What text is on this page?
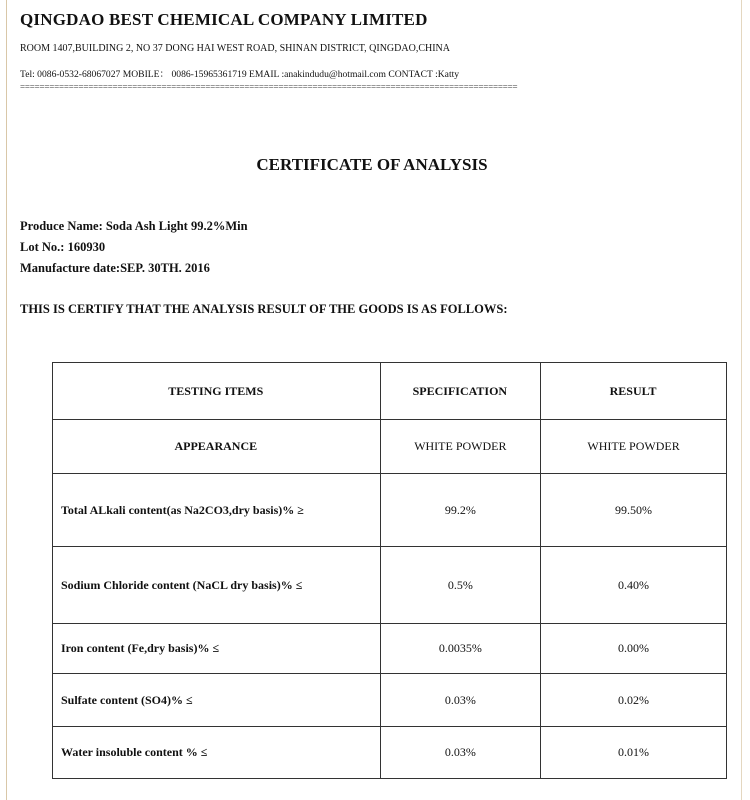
QINGDAO BEST CHEMICAL COMPANY LIMITED
ROOM 1407,BUILDING 2, NO 37 DONG HAI WEST ROAD, SHINAN DISTRICT, QINGDAO,CHINA
Tel: 0086-0532-68067027 MOBILE： 0086-15965361719 EMAIL :anakindudu@hotmail.com CONTACT :Katty
======================================================================================================
CERTIFICATE OF ANALYSIS
Produce Name: Soda Ash Light 99.2%Min
Lot No.: 160930
Manufacture date:SEP. 30TH. 2016
THIS IS CERTIFY THAT THE ANALYSIS RESULT OF THE GOODS IS AS FOLLOWS:
TESTING ITEMS	SPECIFICATION	RESULT
APPEARANCE	WHITE POWDER	WHITE POWDER
Total ALkali content(as Na2CO3,dry basis)% ≥	99.2%	99.50%
Sodium Chloride content (NaCL dry basis)% ≤	0.5%	0.40%
Iron content (Fe,dry basis)% ≤	0.0035%	0.00%
Sulfate content (SO4)% ≤	0.03%	0.02%
Water insoluble content % ≤	0.03%	0.01%
